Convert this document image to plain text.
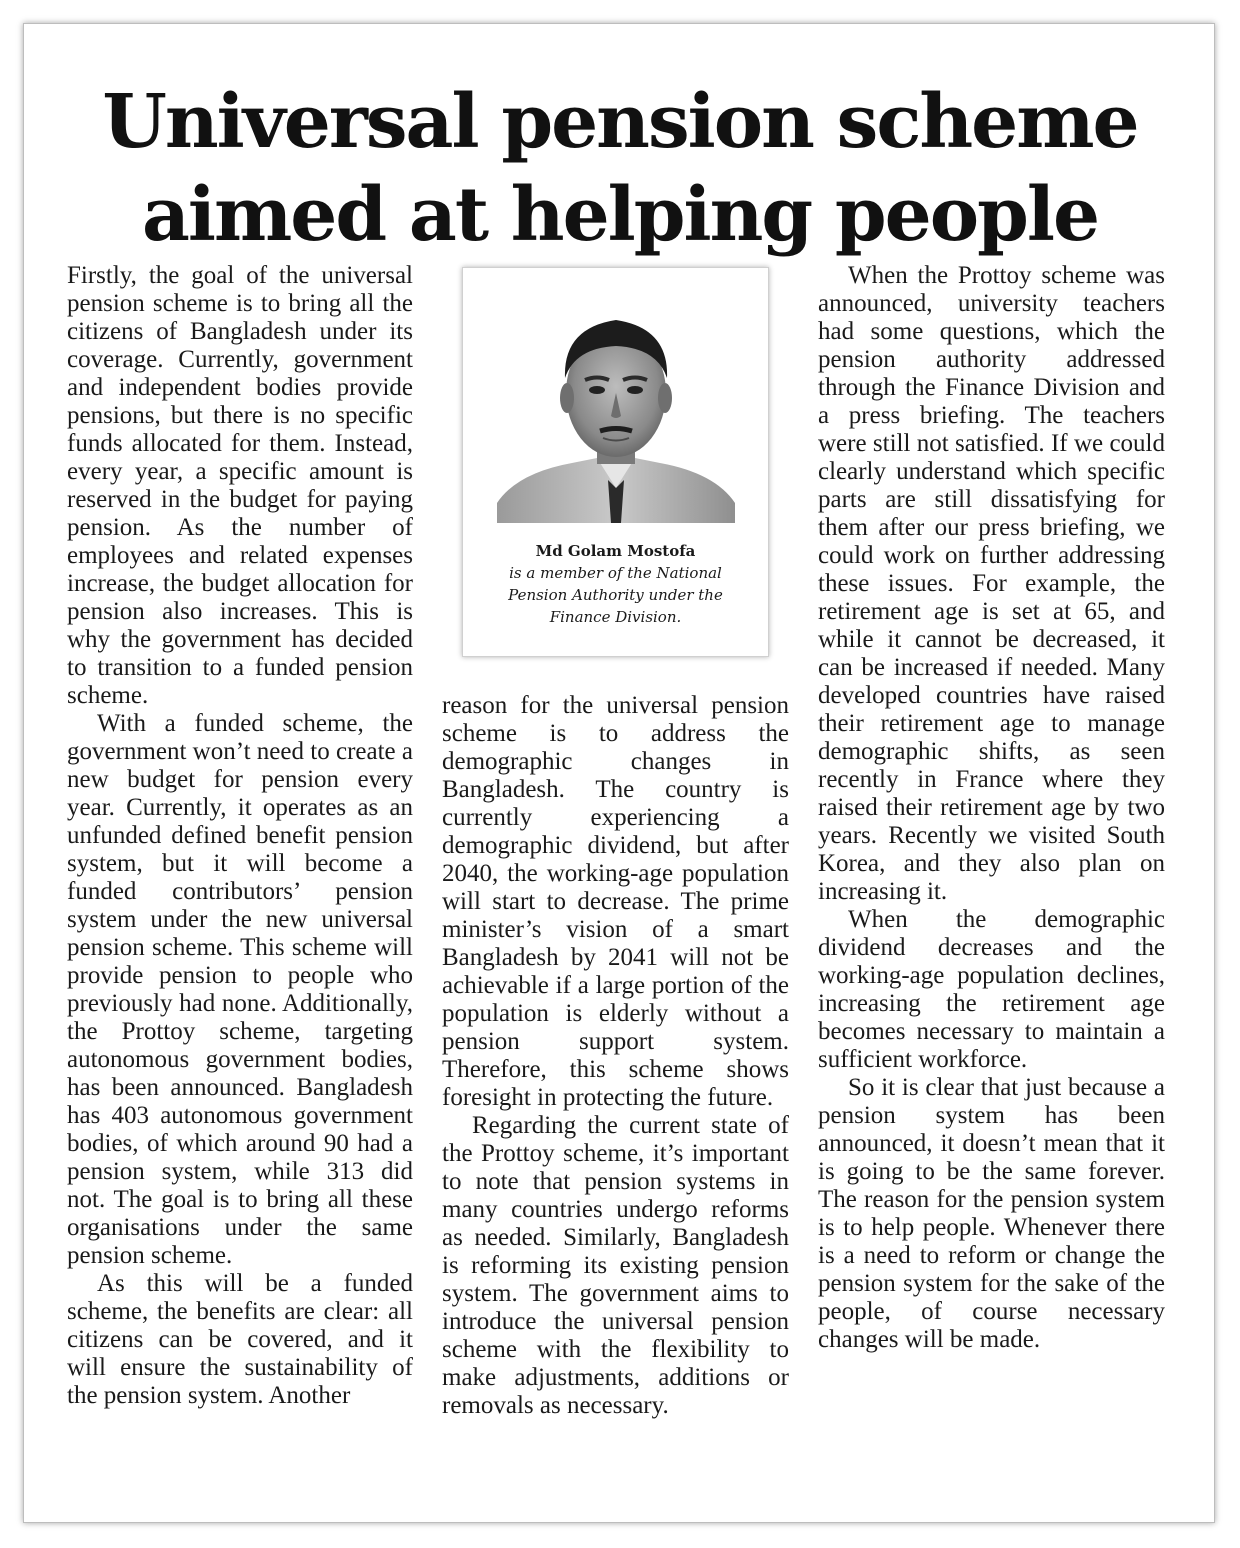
Universal pension scheme
aimed at helping people

Firstly, the goal of the universal pension scheme is to bring all the citizens of Bangladesh under its coverage. Currently, government and independent bodies provide pensions, but there is no specific funds allocated for them. Instead, every year, a specific amount is reserved in the budget for paying pension. As the number of employees and related expenses increase, the budget allocation for pension also increases. This is why the government has decided to transition to a funded pension scheme.

With a funded scheme, the government won’t need to create a new budget for pension every year. Currently, it operates as an unfunded defined benefit pension system, but it will become a funded contributors’ pension system under the new universal pension scheme. This scheme will provide pension to people who previously had none. Additionally, the Prottoy scheme, targeting autonomous government bodies, has been announced. Bangladesh has 403 autonomous government bodies, of which around 90 had a pension system, while 313 did not. The goal is to bring all these organisations under the same pension scheme.

As this will be a funded scheme, the benefits are clear: all citizens can be covered, and it will ensure the sustainability of the pension system. Another

Md Golam Mostofa
is a member of the National Pension Authority under the Finance Division.

reason for the universal pension scheme is to address the demographic changes in Bangladesh. The country is currently experiencing a demographic dividend, but after 2040, the working-age population will start to decrease. The prime minister’s vision of a smart Bangladesh by 2041 will not be achievable if a large portion of the population is elderly without a pension support system. Therefore, this scheme shows foresight in protecting the future.

Regarding the current state of the Prottoy scheme, it’s important to note that pension systems in many countries undergo reforms as needed. Similarly, Bangladesh is reforming its existing pension system. The government aims to introduce the universal pension scheme with the flexibility to make adjustments, additions or removals as necessary.

When the Prottoy scheme was announced, university teachers had some questions, which the pension authority addressed through the Finance Division and a press briefing. The teachers were still not satisfied. If we could clearly understand which specific parts are still dissatisfying for them after our press briefing, we could work on further addressing these issues. For example, the retirement age is set at 65, and while it cannot be decreased, it can be increased if needed. Many developed countries have raised their retirement age to manage demographic shifts, as seen recently in France where they raised their retirement age by two years. Recently we visited South Korea, and they also plan on increasing it.

When the demographic dividend decreases and the working-age population declines, increasing the retirement age becomes necessary to maintain a sufficient workforce.

So it is clear that just because a pension system has been announced, it doesn’t mean that it is going to be the same forever. The reason for the pension system is to help people. Whenever there is a need to reform or change the pension system for the sake of the people, of course necessary changes will be made.
